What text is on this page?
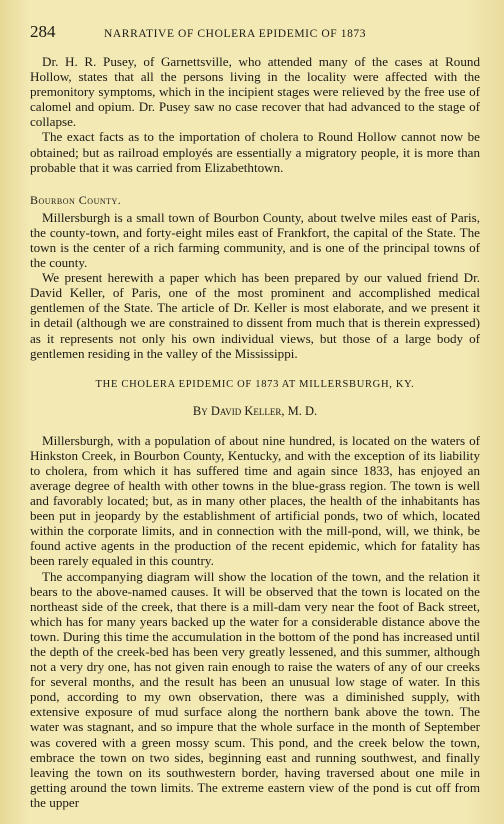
284	NARRATIVE OF CHOLERA EPIDEMIC OF 1873

Dr. H. R. Pusey, of Garnettsville, who attended many of the cases at Round Hollow, states that all the persons living in the locality were affected with the premonitory symptoms, which in the incipient stages were relieved by the free use of calomel and opium. Dr. Pusey saw no case recover that had advanced to the stage of collapse.

The exact facts as to the importation of cholera to Round Hollow cannot now be obtained; but as railroad employés are essentially a migratory people, it is more than probable that it was carried from Elizabethtown.

Bourbon County.

Millersburgh is a small town of Bourbon County, about twelve miles east of Paris, the county-town, and forty-eight miles east of Frankfort, the capital of the State. The town is the center of a rich farming community, and is one of the principal towns of the county.

We present herewith a paper which has been prepared by our valued friend Dr. David Keller, of Paris, one of the most prominent and accomplished medical gentlemen of the State. The article of Dr. Keller is most elaborate, and we present it in detail (although we are constrained to dissent from much that is therein expressed) as it represents not only his own individual views, but those of a large body of gentlemen residing in the valley of the Mississippi.

THE CHOLERA EPIDEMIC OF 1873 AT MILLERSBURGH, KY.
By David Keller, M. D.

Millersburgh, with a population of about nine hundred, is located on the waters of Hinkston Creek, in Bourbon County, Kentucky, and with the exception of its liability to cholera, from which it has suffered time and again since 1833, has enjoyed an average degree of health with other towns in the blue-grass region. The town is well and favorably located; but, as in many other places, the health of the inhabitants has been put in jeopardy by the establishment of artificial ponds, two of which, located within the corporate limits, and in connection with the mill-pond, will, we think, be found active agents in the production of the recent epidemic, which for fatality has been rarely equaled in this country.

The accompanying diagram will show the location of the town, and the relation it bears to the above-named causes. It will be observed that the town is located on the northeast side of the creek, that there is a mill-dam very near the foot of Back street, which has for many years backed up the water for a considerable distance above the town. During this time the accumulation in the bottom of the pond has increased until the depth of the creek-bed has been very greatly lessened, and this summer, although not a very dry one, has not given rain enough to raise the waters of any of our creeks for several months, and the result has been an unusual low stage of water. In this pond, according to my own observation, there was a diminished supply, with extensive exposure of mud surface along the northern bank above the town. The water was stagnant, and so impure that the whole surface in the month of September was covered with a green mossy scum. This pond, and the creek below the town, embrace the town on two sides, beginning east and running southwest, and finally leaving the town on its southwestern border, having traversed about one mile in getting around the town limits. The extreme eastern view of the pond is cut off from the upper
